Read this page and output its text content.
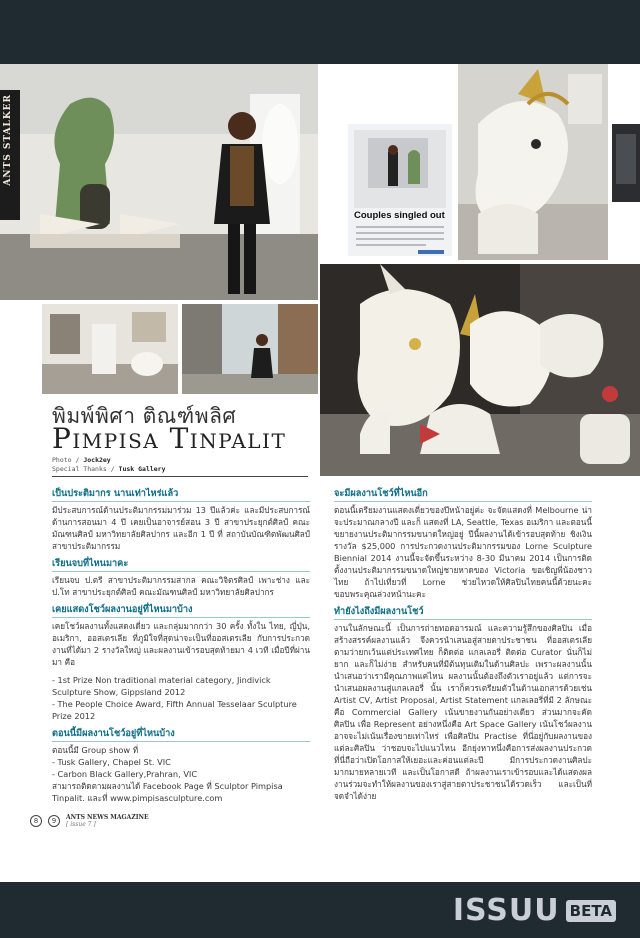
ANTS STALKER
Couples singled out
พิมพ์พิศา ติณฑ์พลิศ
Pimpisa Tinpalit
Photo / Jock2ey
Special Thanks / Tusk Gallery
เป็นประติมากร นานเท่าไหร่แล้ว
มีประสบการณ์ด้านประติมากรรมมาร่วม 13 ปีแล้วค่ะ และมีประสบการณ์ด้านการสอนมา 4 ปี เคยเป็นอาจารย์สอน 3 ปี สาขาประยุกต์ศิลป์ คณะมัณฑนศิลป์ มหาวิทยาลัยศิลปากร และอีก 1 ปี ที่ สถาบันบัณฑิตพัฒนศิลป์ สาขาประติมากรรม
เรียนจบที่ไหนมาคะ
เรียนจบ ป.ตรี สาขาประติมากรรมสากล คณะวิจิตรศิลป์ เพาะช่าง และ ป.โท สาขาประยุกต์ศิลป์ คณะมัณฑนศิลป์ มหาวิทยาลัยศิลปากร
เคยแสดงโชว์ผลงานอยู่ที่ไหนมาบ้าง
เคยโชว์ผลงานทั้งแสดงเดี่ยว และกลุ่มมากกว่า 30 ครั้ง ทั้งใน ไทย, ญี่ปุ่น, อเมริกา, ออสเตรเลีย ที่ภูมิใจที่สุดน่าจะเป็นที่ออสเตรเลีย กับการประกวดงานที่ได้มา 2 รางวัลใหญ่ และผลงานเข้ารอบสุดท้ายมา 4 เวที เมื่อปีที่ผ่านมา คือ
- 1st Prize Non traditional material category, Jindivick Sculpture Show, Gippsland 2012
- The People Choice Award, Fifth Annual Tesselaar Sculpture Prize 2012
ตอนนี้มีผลงานโชว์อยู่ที่ไหนบ้าง
ตอนนี้มี Group show ที่
- Tusk Gallery, Chapel St. VIC
- Carbon Black Gallery,Prahran, VIC
สามารถติดตามผลงานได้ Facebook Page ที่ Sculptor Pimpisa Tinpalit. และที่ www.pimpisasculpture.com
จะมีผลงานโชว์ที่ไหนอีก
ตอนนี้เตรียมงานแสดงเดี่ยวของปีหน้าอยู่ค่ะ จะจัดแสดงที่ Melbourne น่าจะประมาณกลางปี และก็ แสดงที่ LA, Seattle, Texas อเมริกา และตอนนี้ขยายงานประติมากรรมขนาดใหญ่อยู่ ปีนี้ผลงานได้เข้ารอบสุดท้าย ชิงเงินรางวัล $25,000 การประกวดงานประติมากรรมของ Lorne Sculpture Biennial 2014 งานนี้จะจัดขึ้นระหว่าง 8-30 มีนาคม 2014 เป็นการติดตั้งงานประติมากรรมขนาดใหญ่ชายหาดของ Victoria ขอเชิญพี่น้องชาวไทย ถ้าไปเที่ยวที่ Lorne ช่วยไหวดให้ศิลปินไทยคนนี้ด้วยนะคะ ขอบพระคุณล่วงหน้านะคะ
ทำยังไงถึงมีผลงานโชว์
งานในลักษณะนี้ เป็นการถ่ายทอดอารมณ์ และความรู้สึกของศิลปิน เมื่อสร้างสรรค์ผลงานแล้ว จึงควรนำเสนอสู่สายตาประชาชน ที่ออสเตรเลียตามว่ายกเว้นแต่ประเทศไทย ก็ติดต่อ แกลเลอรี่ ติดต่อ Curator นั่นก็ไม่ยาก และก็ไม่ง่าย สำหรับคนที่มีต้นทุนเดิมในด้านศิลปะ เพราะผลงานนั้นนำเสนอว่าเรามีคุณภาพแค่ไหน ผลงานนั้นต้องถึงตัวเราอยู่แล้ว แต่การจะนำเสนอผลงานสู่แกลเลอรี่ นั้น เราก็ควรเตรียมตัวในด้านเอกสารด้วยเช่น Artist CV, Artist Proposal, Artist Statement แกลเลอรี่ที่มี 2 ลักษณะคือ Commercial Gallery เน้นขายงานกันอย่างเดียว ส่วนมากจะคัดศิลปิน เพื่อ Represent อย่างหนึ่งคือ Art Space Gallery เน้นโชว์ผลงาน อาจจะไม่เน้นเรื่องขายเท่าไหร่ เพื่อศิลปิน Practise ที่นี่อยู่กับผลงานของแต่ละศิลปิน ว่าชอบจะไปแนวไหน อีกยุ่งหาหนึ่งคือการส่งผลงานประกวด ที่นี่ถือว่าเปิดโอกาสให้เยอะและค่อนแต่ละปี มีการประกวดงานศิลปะมากมายหลายเวที และเป็นโอกาสดี ถ้าผลงานเราเข้ารอบและได้แสดงผลงานร่วมจะทำให้ผลงานของเราสู่สายตาประชาชนได้รวดเร็ว และเป็นที่จดจำได้ง่าย
8	9	ANTS NEWS MAGAZINE
[ issue 7 ]
ISSUU BETA
